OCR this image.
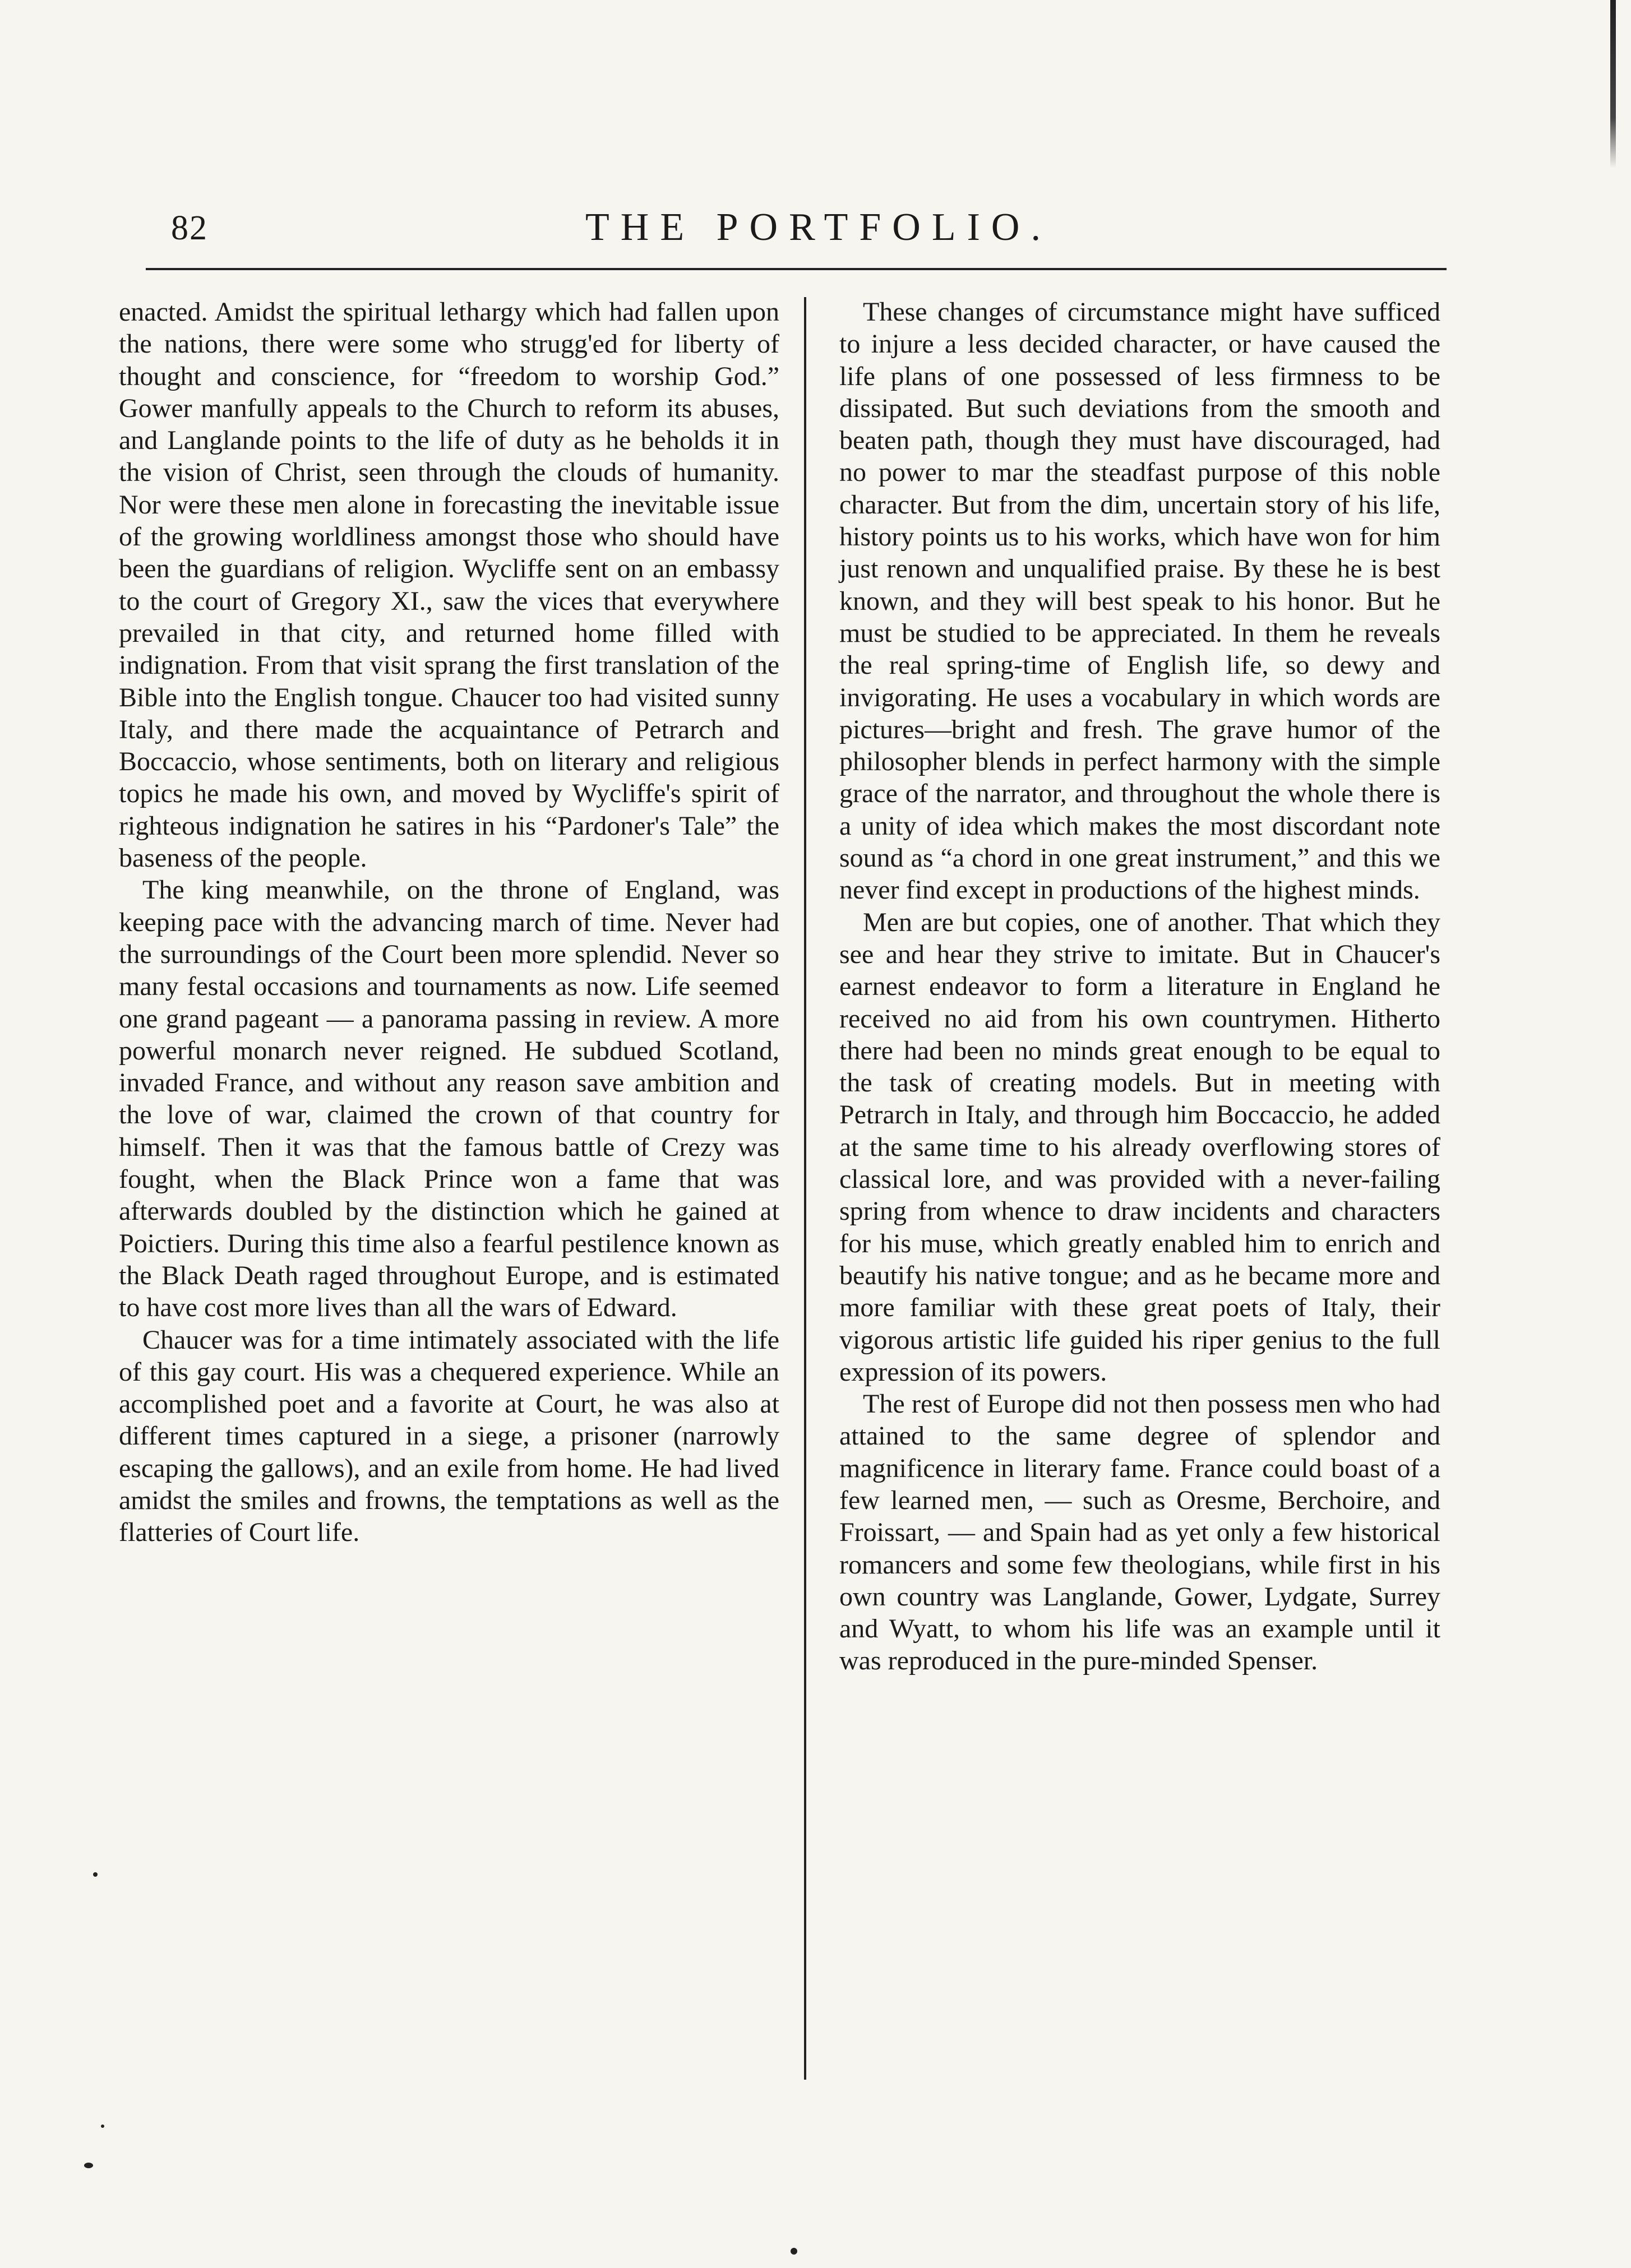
82	THE PORTFOLIO.

enacted. Amidst the spiritual lethargy which had fallen upon the nations, there were some who strugg'ed for liberty of thought and conscience, for “freedom to worship God.” Gower manfully appeals to the Church to reform its abuses, and Langlande points to the life of duty as he beholds it in the vision of Christ, seen through the clouds of humanity. Nor were these men alone in forecasting the inevitable issue of the growing worldliness amongst those who should have been the guardians of religion. Wycliffe sent on an embassy to the court of Gregory XI., saw the vices that everywhere prevailed in that city, and returned home filled with indignation. From that visit sprang the first translation of the Bible into the English tongue. Chaucer too had visited sunny Italy, and there made the acquaintance of Petrarch and Boccaccio, whose sentiments, both on literary and religious topics he made his own, and moved by Wycliffe's spirit of righteous indignation he satires in his “Pardoner's Tale” the baseness of the people.

The king meanwhile, on the throne of England, was keeping pace with the advancing march of time. Never had the surroundings of the Court been more splendid. Never so many festal occasions and tournaments as now. Life seemed one grand pageant — a panorama passing in review. A more powerful monarch never reigned. He subdued Scotland, invaded France, and without any reason save ambition and the love of war, claimed the crown of that country for himself. Then it was that the famous battle of Crezy was fought, when the Black Prince won a fame that was afterwards doubled by the distinction which he gained at Poictiers. During this time also a fearful pestilence known as the Black Death raged throughout Europe, and is estimated to have cost more lives than all the wars of Edward.

Chaucer was for a time intimately associated with the life of this gay court. His was a chequered experience. While an accomplished poet and a favorite at Court, he was also at different times captured in a siege, a prisoner (narrowly escaping the gallows), and an exile from home. He had lived amidst the smiles and frowns, the temptations as well as the flatteries of Court life.

These changes of circumstance might have sufficed to injure a less decided character, or have caused the life plans of one possessed of less firmness to be dissipated. But such deviations from the smooth and beaten path, though they must have discouraged, had no power to mar the steadfast purpose of this noble character. But from the dim, uncertain story of his life, history points us to his works, which have won for him just renown and unqualified praise. By these he is best known, and they will best speak to his honor. But he must be studied to be appreciated. In them he reveals the real spring-time of English life, so dewy and invigorating. He uses a vocabulary in which words are pictures—bright and fresh. The grave humor of the philosopher blends in perfect harmony with the simple grace of the narrator, and throughout the whole there is a unity of idea which makes the most discordant note sound as “a chord in one great instrument,” and this we never find except in productions of the highest minds.

Men are but copies, one of another. That which they see and hear they strive to imitate. But in Chaucer's earnest endeavor to form a literature in England he received no aid from his own countrymen. Hitherto there had been no minds great enough to be equal to the task of creating models. But in meeting with Petrarch in Italy, and through him Boccaccio, he added at the same time to his already overflowing stores of classical lore, and was provided with a never-failing spring from whence to draw incidents and characters for his muse, which greatly enabled him to enrich and beautify his native tongue; and as he became more and more familiar with these great poets of Italy, their vigorous artistic life guided his riper genius to the full expression of its powers.

The rest of Europe did not then possess men who had attained to the same degree of splendor and magnificence in literary fame. France could boast of a few learned men, — such as Oresme, Berchoire, and Froissart, — and Spain had as yet only a few historical romancers and some few theologians, while first in his own country was Langlande, Gower, Lydgate, Surrey and Wyatt, to whom his life was an example until it was reproduced in the pure-minded Spenser.
